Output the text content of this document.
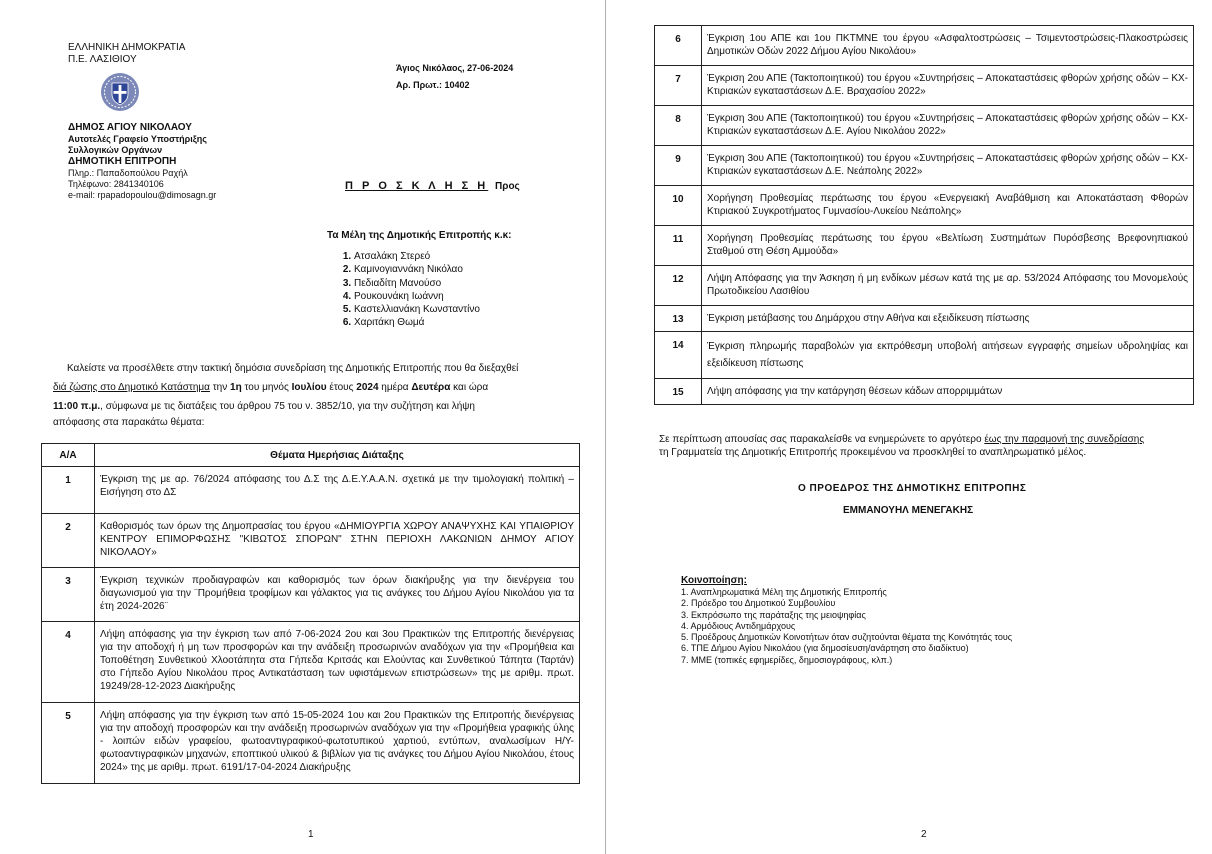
ΕΛΛΗΝΙΚΗ ΔΗΜΟΚΡΑΤΙΑ
Π.Ε. ΛΑΣΙΘΙΟΥ
ΔΗΜΟΣ ΑΓΙΟΥ ΝΙΚΟΛΑΟΥ
Αυτοτελές Γραφείο Υποστήριξης
Συλλογικών Οργάνων
ΔΗΜΟΤΙΚΗ ΕΠΙΤΡΟΠΗ
Πληρ.: Παπαδοπούλου Ραχήλ
Τηλέφωνο: 2841340106
e-mail: rpapadopoulou@dimosagn.gr
Άγιος Νικόλαος, 27-06-2024
Αρ. Πρωτ.: 10402
Π Ρ Ο Σ Κ Λ Η Σ Η Προς
Τα Μέλη της Δημοτικής Επιτροπής κ.κ:
1. Ατσαλάκη Στερεό
2. Καμινογιαννάκη Νικόλαο
3. Πεδιαδίτη Μανούσο
4. Ρουκουνάκη Ιωάννη
5. Καστελλιανάκη Κωνσταντίνο
6. Χαριτάκη Θωμά
Καλείστε να προσέλθετε στην τακτική δημόσια συνεδρίαση της Δημοτικής Επιτροπής που θα διεξαχθεί
διά ζώσης στο Δημοτικό Κατάστημα την 1η του μηνός Ιουλίου έτους 2024 ημέρα Δευτέρα και ώρα
11:00 π.μ., σύμφωνα με τις διατάξεις του άρθρου 75 του ν. 3852/10, για την συζήτηση και λήψη
απόφασης στα παρακάτω θέματα:
Α/Α	Θέματα Ημερήσιας Διάταξης
1	Έγκριση της με αρ. 76/2024 απόφασης του Δ.Σ της Δ.Ε.Υ.Α.Α.Ν. σχετικά με την τιμολογιακή πολιτική – Εισήγηση στο ΔΣ
2	Καθορισμός των όρων της Δημοπρασίας του έργου «ΔΗΜΙΟΥΡΓΙΑ ΧΩΡΟΥ ΑΝΑΨΥΧΗΣ ΚΑΙ ΥΠΑΙΘΡΙΟΥ ΚΕΝΤΡΟΥ ΕΠΙΜΟΡΦΩΣΗΣ "ΚΙΒΩΤΟΣ ΣΠΟΡΩΝ" ΣΤΗΝ ΠΕΡΙΟΧΗ ΛΑΚΩΝΙΩΝ ΔΗΜΟΥ ΑΓΙΟΥ ΝΙΚΟΛΑΟΥ»
3	Έγκριση τεχνικών προδιαγραφών και καθορισμός των όρων διακήρυξης για την διενέργεια του διαγωνισμού για την ¨Προμήθεια τροφίμων και γάλακτος για τις ανάγκες του Δήμου Αγίου Νικολάου για τα έτη 2024-2026¨
4	Λήψη απόφασης για την έγκριση των από 7-06-2024 2ου και 3ου Πρακτικών της Επιτροπής διενέργειας για την αποδοχή ή μη των προσφορών και την ανάδειξη προσωρινών αναδόχων για την «Προμήθεια και Τοποθέτηση Συνθετικού Χλοοτάπητα στα Γήπεδα Κριτσάς και Ελούντας και Συνθετικού Τάπητα (Ταρτάν) στο Γήπεδο Αγίου Νικολάου προς Αντικατάσταση των υφιστάμενων επιστρώσεων» της με αριθμ. πρωτ. 19249/28-12-2023 Διακήρυξης
5	Λήψη απόφασης για την έγκριση των από 15-05-2024 1ου και 2ου Πρακτικών της Επιτροπής διενέργειας για την αποδοχή προσφορών και την ανάδειξη προσωρινών αναδόχων για την «Προμήθεια γραφικής ύλης - λοιπών ειδών γραφείου, φωτοαντιγραφικού-φωτοτυπικού χαρτιού, εντύπων, αναλωσίμων Η/Υ- φωτοαντιγραφικών μηχανών, εποπτικού υλικού & βιβλίων για τις ανάγκες του Δήμου Αγίου Νικολάου, έτους 2024» της με αριθμ. πρωτ. 6191/17-04-2024 Διακήρυξης
1
6	Έγκριση 1ου ΑΠΕ και 1ου ΠΚΤΜΝΕ του έργου «Ασφαλτοστρώσεις – Τσιμεντοστρώσεις-Πλακοστρώσεις Δημοτικών Οδών 2022 Δήμου Αγίου Νικολάου»
7	Έγκριση 2ου ΑΠΕ (Τακτοποιητικού) του έργου «Συντηρήσεις – Αποκαταστάσεις φθορών χρήσης οδών – ΚΧ- Κτιριακών εγκαταστάσεων Δ.Ε. Βραχασίου 2022»
8	Έγκριση 3ου ΑΠΕ (Τακτοποιητικού) του έργου «Συντηρήσεις – Αποκαταστάσεις φθορών χρήσης οδών – ΚΧ- Κτιριακών εγκαταστάσεων Δ.Ε. Αγίου Νικολάου 2022»
9	Έγκριση 3ου ΑΠΕ (Τακτοποιητικού) του έργου «Συντηρήσεις – Αποκαταστάσεις φθορών χρήσης οδών – ΚΧ- Κτιριακών εγκαταστάσεων Δ.Ε. Νεάπολης 2022»
10	Χορήγηση Προθεσμίας περάτωσης του έργου «Ενεργειακή Αναβάθμιση και Αποκατάσταση Φθορών Κτιριακού Συγκροτήματος Γυμνασίου-Λυκείου Νεάπολης»
11	Χορήγηση Προθεσμίας περάτωσης του έργου «Βελτίωση Συστημάτων Πυρόσβεσης Βρεφονηπιακού Σταθμού στη Θέση Αμμούδα»
12	Λήψη Απόφασης για την Άσκηση ή μη ενδίκων μέσων κατά της με αρ. 53/2024 Απόφασης του Μονομελούς Πρωτοδικείου Λασιθίου
13	Έγκριση μετάβασης του Δημάρχου στην Αθήνα και εξειδίκευση πίστωσης
14	Έγκριση πληρωμής παραβολών για εκπρόθεσμη υποβολή αιτήσεων εγγραφής σημείων υδροληψίας και εξειδίκευση πίστωσης
15	Λήψη απόφασης για την κατάργηση θέσεων κάδων απορριμμάτων
Σε περίπτωση απουσίας σας παρακαλείσθε να ενημερώνετε το αργότερο έως την παραμονή της συνεδρίασης
τη Γραμματεία της Δημοτικής Επιτροπής προκειμένου να προσκληθεί το αναπληρωματικό μέλος.
Ο ΠΡΟΕΔΡΟΣ ΤΗΣ ΔΗΜΟΤΙΚΗΣ ΕΠΙΤΡΟΠΗΣ
ΕΜΜΑΝΟΥΗΛ ΜΕΝΕΓΑΚΗΣ
Κοινοποίηση:
1. Αναπληρωματικά Μέλη της Δημοτικής Επιτροπής
2. Πρόεδρο του Δημοτικού Συμβουλίου
3. Εκπρόσωπο της παράταξης της μειοψηφίας
4. Αρμόδιους Αντιδημάρχους
5. Προέδρους Δημοτικών Κοινοτήτων όταν συζητούνται θέματα της Κοινότητάς τους
6. ΤΠΕ Δήμου Αγίου Νικολάου (για δημοσίευση/ανάρτηση στο διαδίκτυο)
7. ΜΜΕ (τοπικές εφημερίδες, δημοσιογράφους, κλπ.)
2
